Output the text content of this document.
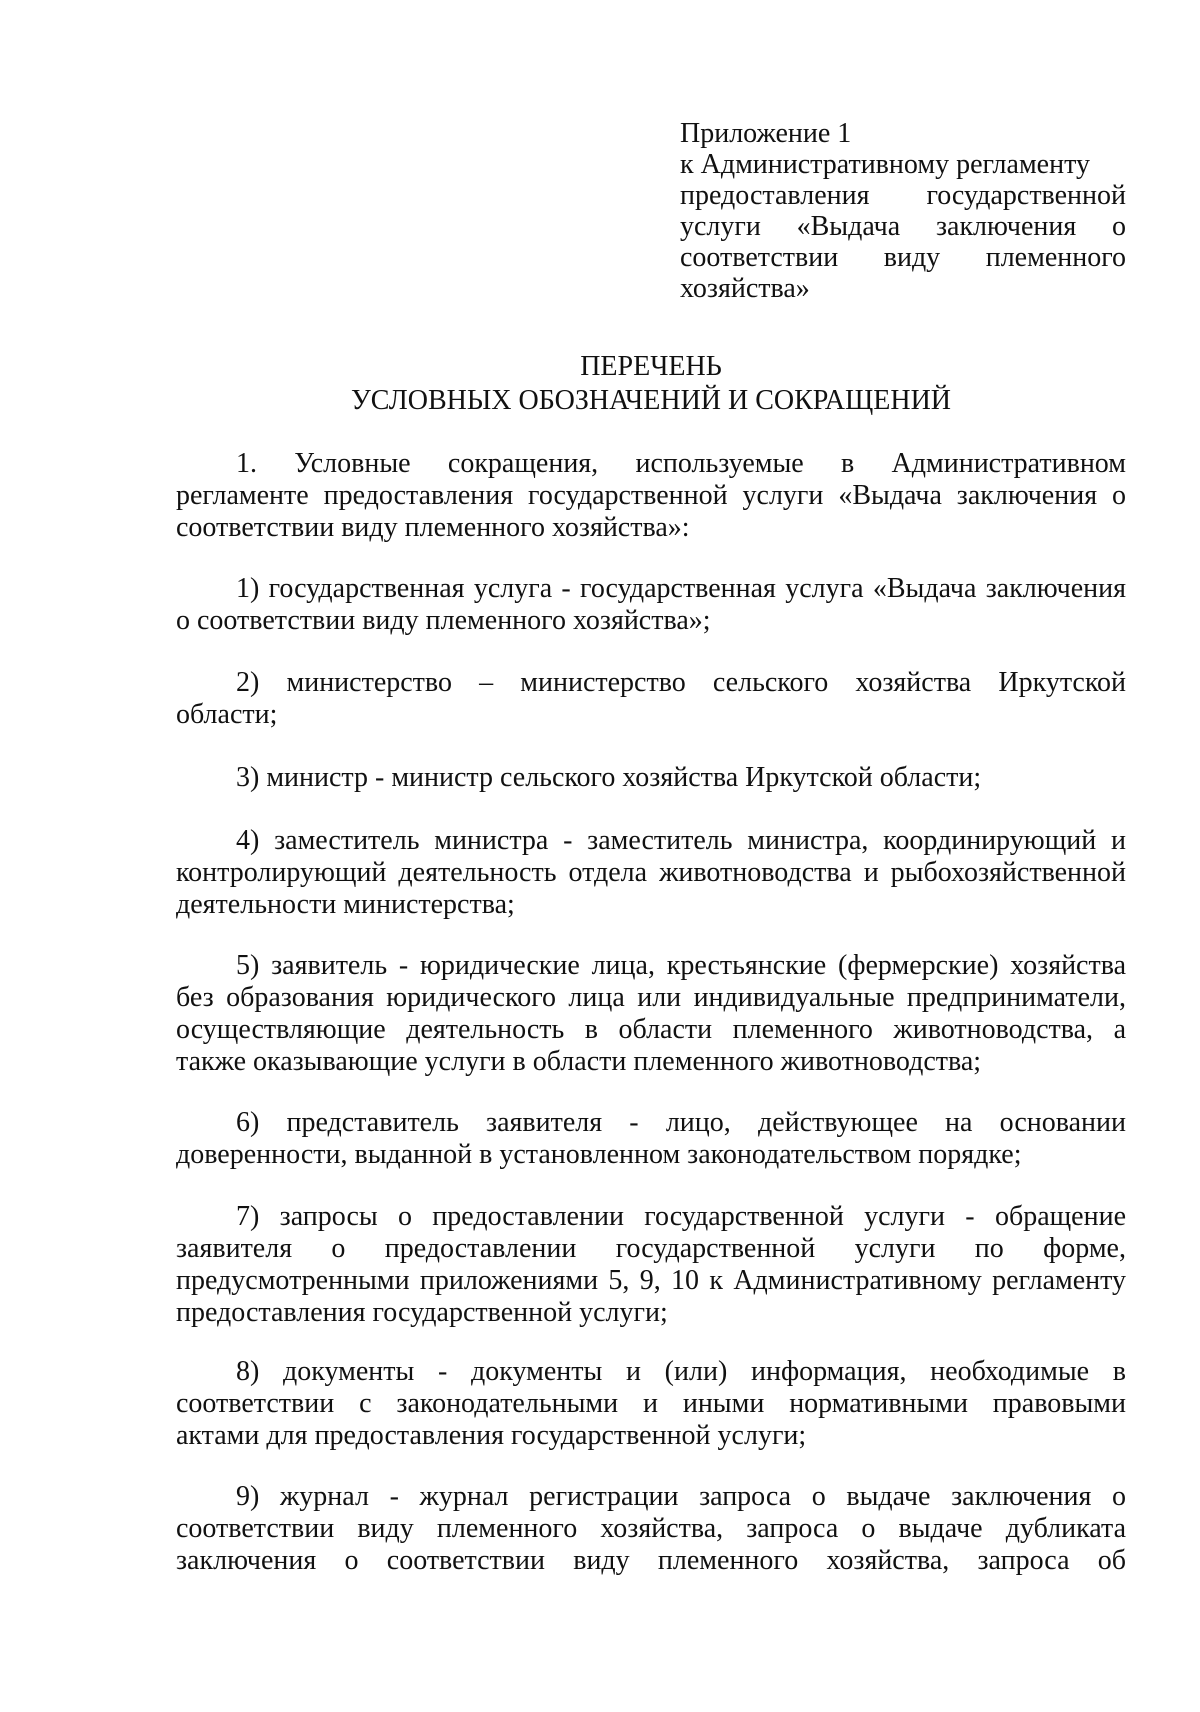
Приложение 1
к Административному регламенту
предоставления государственной
услуги «Выдача заключения о
соответствии виду племенного
хозяйства»
ПЕРЕЧЕНЬ
УСЛОВНЫХ ОБОЗНАЧЕНИЙ И СОКРАЩЕНИЙ
1. Условные сокращения, используемые в Административном
регламенте предоставления государственной услуги «Выдача заключения о
соответствии виду племенного хозяйства»:
1) государственная услуга - государственная услуга «Выдача заключения
о соответствии виду племенного хозяйства»;
2) министерство – министерство сельского хозяйства Иркутской
области;
3) министр - министр сельского хозяйства Иркутской области;
4) заместитель министра - заместитель министра, координирующий и
контролирующий деятельность отдела животноводства и рыбохозяйственной
деятельности министерства;
5) заявитель - юридические лица, крестьянские (фермерские) хозяйства
без образования юридического лица или индивидуальные предприниматели,
осуществляющие деятельность в области племенного животноводства, а
также оказывающие услуги в области племенного животноводства;
6) представитель заявителя - лицо, действующее на основании
доверенности, выданной в установленном законодательством порядке;
7) запросы о предоставлении государственной услуги - обращение
заявителя о предоставлении государственной услуги по форме,
предусмотренными приложениями 5, 9, 10 к Административному регламенту
предоставления государственной услуги;
8) документы - документы и (или) информация, необходимые в
соответствии с законодательными и иными нормативными правовыми
актами для предоставления государственной услуги;
9) журнал - журнал регистрации запроса о выдаче заключения о
соответствии виду племенного хозяйства, запроса о выдаче дубликата
заключения о соответствии виду племенного хозяйства, запроса об
